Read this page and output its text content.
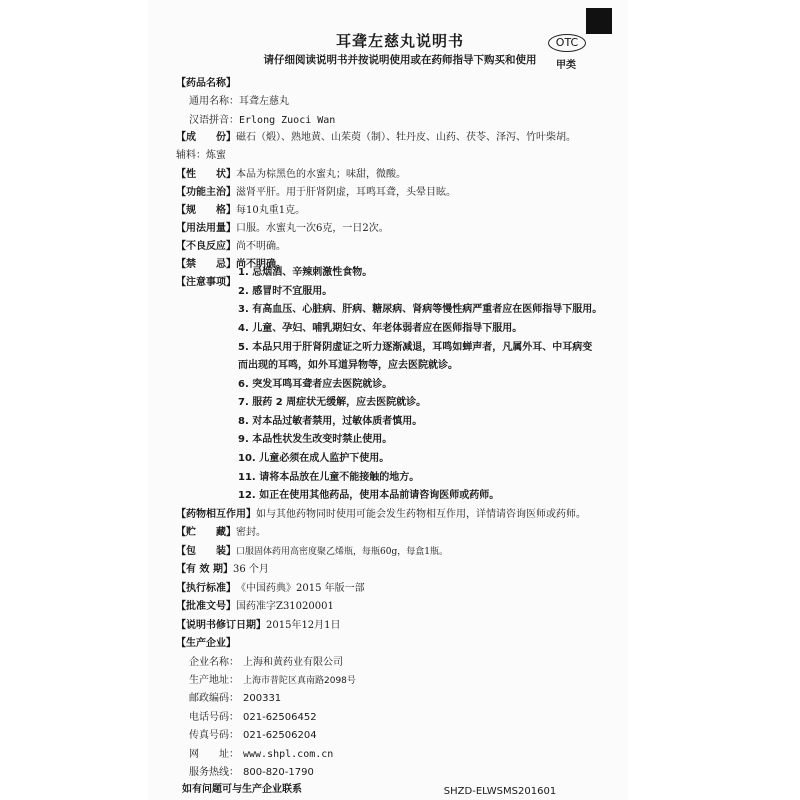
OTC
甲类
耳聋左慈丸说明书
请仔细阅读说明书并按说明使用或在药师指导下购买和使用
【药品名称】
通用名称：耳聋左慈丸
汉语拼音：Erlong Zuoci Wan
【成　　份】磁石（煅）、熟地黄、山茱萸（制）、牡丹皮、山药、茯苓、泽泻、竹叶柴胡。
辅料：炼蜜
【性　　状】本品为棕黑色的水蜜丸；味甜，微酸。
【功能主治】滋肾平肝。用于肝肾阴虚，耳鸣耳聋，头晕目眩。
【规　　格】每10丸重1克。
【用法用量】口服。水蜜丸一次6克，一日2次。
【不良反应】尚不明确。
【禁　　忌】尚不明确。
【注意事项】
1. 忌烟酒、辛辣刺激性食物。
2. 感冒时不宜服用。
3. 有高血压、心脏病、肝病、糖尿病、肾病等慢性病严重者应在医师指导下服用。
4. 儿童、孕妇、哺乳期妇女、年老体弱者应在医师指导下服用。
5. 本品只用于肝肾阴虚证之听力逐渐减退，耳鸣如蝉声者，凡属外耳、中耳病变
而出现的耳鸣，如外耳道异物等，应去医院就诊。
6. 突发耳鸣耳聋者应去医院就诊。
7. 服药 2 周症状无缓解，应去医院就诊。
8. 对本品过敏者禁用，过敏体质者慎用。
9. 本品性状发生改变时禁止使用。
10. 儿童必须在成人监护下使用。
11. 请将本品放在儿童不能接触的地方。
12. 如正在使用其他药品，使用本品前请咨询医师或药师。
【药物相互作用】如与其他药物同时使用可能会发生药物相互作用，详情请咨询医师或药师。
【贮　　藏】密封。
【包　　装】口服固体药用高密度聚乙烯瓶，每瓶60g，每盒1瓶。
【有 效 期】36 个月
【执行标准】《中国药典》2015 年版一部
【批准文号】国药准字Z31020001
【说明书修订日期】2015年12月1日
【生产企业】
企业名称： 上海和黄药业有限公司
生产地址： 上海市普陀区真南路2098号
邮政编码： 200331
电话号码： 021-62506452
传真号码： 021-62506204
网　　址： www.shpl.com.cn
服务热线： 800-820-1790
如有问题可与生产企业联系	SHZD-ELWSMS201601
